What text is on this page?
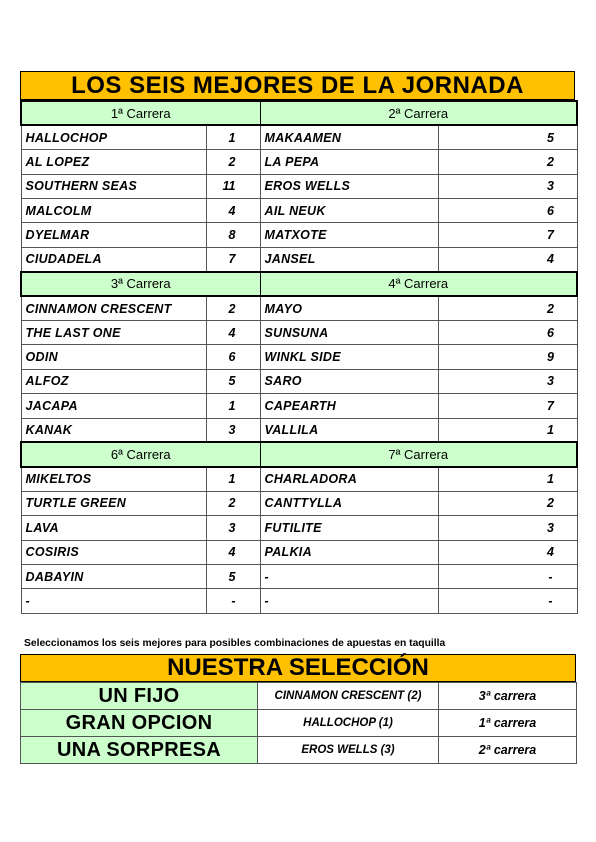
LOS SEIS MEJORES DE LA JORNADA
1ª Carrera		2ª Carrera	
HALLOCHOP	1	MAKAAMEN	5
AL LOPEZ	2	LA PEPA	2
SOUTHERN SEAS	11	EROS WELLS	3
MALCOLM	4	AIL NEUK	6
DYELMAR	8	MATXOTE	7
CIUDADELA	7	JANSEL	4
3ª Carrera		4ª Carrera	
CINNAMON CRESCENT	2	MAYO	2
THE LAST ONE	4	SUNSUNA	6
ODIN	6	WINKL SIDE	9
ALFOZ	5	SARO	3
JACAPA	1	CAPEARTH	7
KANAK	3	VALLILA	1
6ª Carrera		7ª Carrera	
MIKELTOS	1	CHARLADORA	1
TURTLE GREEN	2	CANTTYLLA	2
LAVA	3	FUTILITE	3
COSIRIS	4	PALKIA	4
DABAYIN	5	-	-
-	-	-	-
Seleccionamos los seis mejores para posibles combinaciones de apuestas en taquilla
NUESTRA SELECCIÓN
UN FIJO	CINNAMON CRESCENT (2)	3ª carrera
GRAN OPCION	HALLOCHOP (1)	1ª carrera
UNA SORPRESA	EROS WELLS (3)	2ª carrera
